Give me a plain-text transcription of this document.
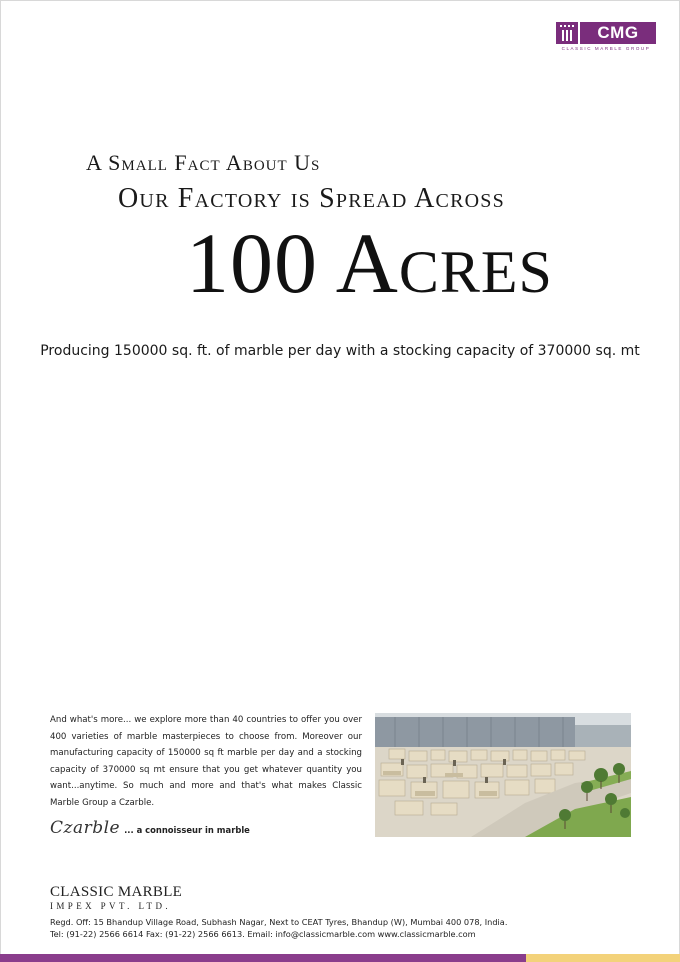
CMG
CLASSIC MARBLE GROUP
A Small Fact About Us
Our Factory is Spread Across
100 Acres
Producing 150000 sq. ft. of marble per day with a stocking capacity of 370000 sq. mt
And what's more... we explore more than 40 countries to offer you over 400 varieties of marble masterpieces to choose from. Moreover our manufacturing capacity of 150000 sq ft marble per day and a stocking capacity of 370000 sq mt ensure that you get whatever quantity you want...anytime. So much and more and that's what makes Classic Marble Group a Czarble.
Czarble ... a connoisseur in marble
CLASSIC MARBLE
IMPEX PVT. LTD.
Regd. Off: 15 Bhandup Village Road, Subhash Nagar, Next to CEAT Tyres, Bhandup (W), Mumbai 400 078, India.
Tel: (91-22) 2566 6614 Fax: (91-22) 2566 6613. Email: info@classicmarble.com www.classicmarble.com
